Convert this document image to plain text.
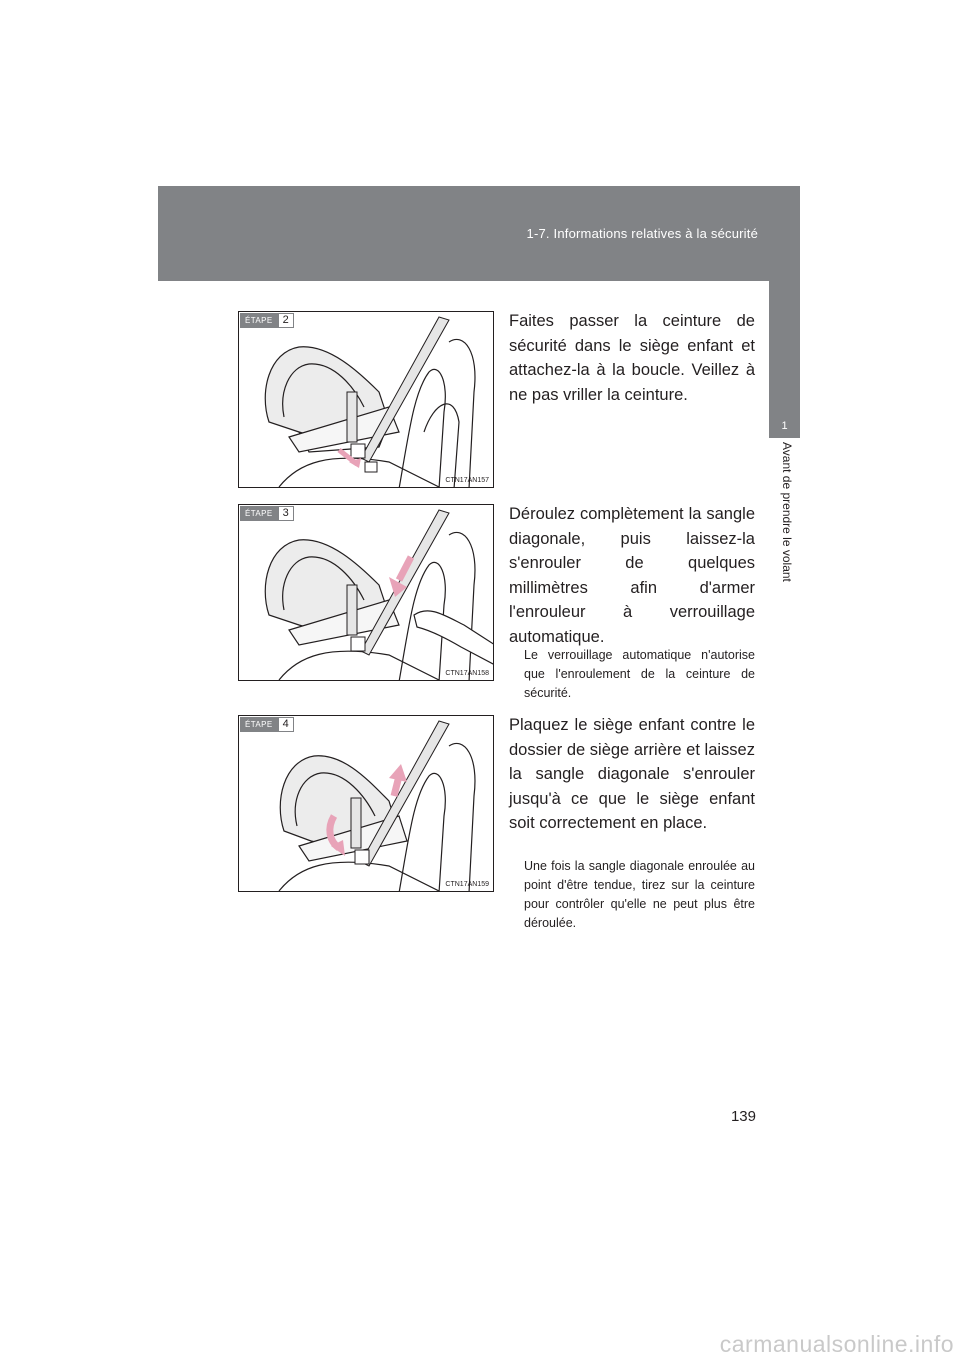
1-7. Informations relatives à la sécurité
1
Avant de prendre le volant
ÉTAPE 2
CTN17AN157
Faites passer la ceinture de sécurité dans le siège enfant et attachez-la à la boucle. Veillez à ne pas vriller la ceinture.
ÉTAPE 3
CTN17AN158
Déroulez complètement la sangle diagonale, puis laissez-la s'enrouler de quelques millimètres afin d'armer l'enrouleur à verrouillage automatique.
Le verrouillage automatique n'autorise que l'enroulement de la ceinture de sécurité.
ÉTAPE 4
CTN17AN159
Plaquez le siège enfant contre le dossier de siège arrière et laissez la sangle diagonale s'enrouler jusqu'à ce que le siège enfant soit correctement en place.
Une fois la sangle diagonale enroulée au point d'être tendue, tirez sur la ceinture pour contrôler qu'elle ne peut plus être déroulée.
139
carmanualsonline.info
